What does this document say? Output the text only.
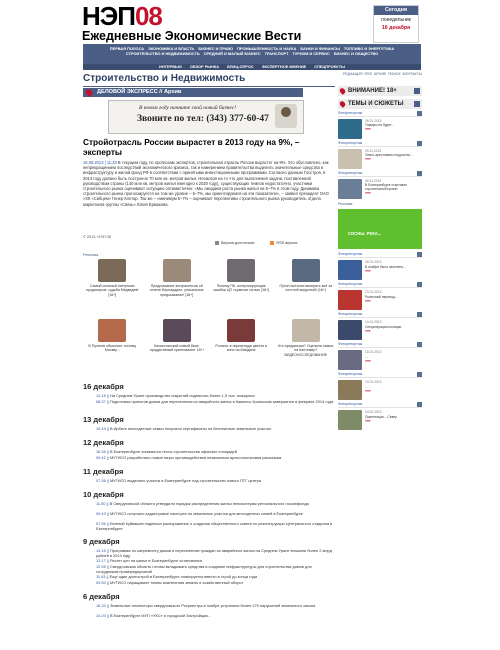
НЭП08
Ежедневные Экономические Вести
Сегодня
понедельник
16 декабря
ПЕРВАЯ ПОЛОСА ЭКОНОМИКА И ВЛАСТЬ БИЗНЕС И ПРАВО ПРОМЫШЛЕННОСТЬ И НАУКА БАНКИ И ФИНАНСЫ ТОПЛИВО И ЭНЕРГЕТИКА
СТРОИТЕЛЬСТВО И НЕДВИЖИМОСТЬ СРЕДНИЙ И МАЛЫЙ БИЗНЕС ТРАНСПОРТ ТУРИЗМ И СЕРВИС БИЗНЕС И ОБЩЕСТВО
ИНТЕРВЬЮ ОБЗОР РЫНКА БЛИЦ-ОПРОС ЭКСПЕРТНОЕ МНЕНИЕ СПЕЦПРОЕКТЫ
РЕДАКЦИЯ RSS АРХИВ ПОИСК КОНТАКТЫ
Строительство и Недвижимость
ДЕЛОВОЙ ЭКСПРЕСС // Архив
В новом году начните свой новый бизнес!
Звоните по тел: (343) 377-60-47
Стройотрасль России вырастет в 2013 году на 9%, – эксперты
16.08.2013 | 11:33 В текущем году, по прогнозам экспертов, строительная отрасль России вырастет на 9%. Это обусловлено, как непрекращением последствий экономического кризиса, так и намерением правительства выделить значительные средства в инфраструктуру и жилой фонд РФ в соответствии с принятыми инвестиционными программами. Согласно данным Госстроя, в 2013 году должно быть построено 70 млн кв. метров жилья. Несмотря на то что для выполнения задачи, поставленной руководством страны (140 млн кв. метров жилья ежегодно к 2020 году), существующих темпов недостаточно, участники строительного рынка оценивают ситуацию оптимистично: «Мы ожидаем роста рынка жилья на 5–7% в этом году. Динамика строительного рынка прогнозируется на том же уровне – 5–7%, мы ориентируемся на эти показатели», – заявил президент ОАО «ХК «Сибцем» Генер Клетар. Так же – «минимум 5–7% – оценивает перспективы строительного рынка руководитель отдела маркетинга группы «Связь» Юлия Ермакова.
© 2013, НЭП 08
Версия для печати	RSS версия
Реклама
Самый сильный питерских продюсеров: судьба Медведев! [18+]
Предсказание экстрасенсов об отзеле Бернардино: уникальное предсказание! [18+]
Почему ПК, контролирующие ошибки ЦП тормозит на вас [18+]
Путин пытался выиграть всё за честной вирусный! (16+)
В Пугачев объяснил: почему Москву...
Казахстанский новый банк: продуктивный криптовалют 18+!
Ролана: в пирпаганда цвести в кино на Майдане
Кто предсказал? Оценили самых на Кантемир? ВИДЕОИССЛЕДОВАНИЕ
16 декабря
12.18 || На Среднем Урале производство покрытий поднялось более 1,5 тыс. пожарных
08.37 || Подготовка проектов домов для переселения из аварийного жилья в Каменск-Уральском завершится в феврале 2014 года
13 декабря
15.43 || В Ирбите многодетные семьи получили сертификаты на бесплатные земельные участки
12 декабря
16.36 || В Екатеринбурге снимаются тесты строительства офисных площадей
09.42 || МУГИСО разработало новые меры противодействия незаконным археологическим раскопкам
11 декабря
07.36 || МУГИСО выделило участок в Екатеринбурге под строительство нового ПТГ центра
10 декабря
11.50 || В Свердловской области утвердили порядок распределения жилья пенсионерам регионального госкапфонда
09.43 || МУГИСО получило кадастровые паспорта на земельные участки для многодетных семей в Екатеринбурге
07.56 || Евгений Куйвашев подписал распоряжение о создании общественного совета по реконструкции Центрального стадиона в Екатеринбурге
9 декабря
14.15 || Программы по капремонту домов и переселению граждан из аварийного жилья на Среднем Урале вложили более 2 млрд рублей в 2013 году
13.17 || Растет цен на жилье в Екатеринбурге остановился
12.55 || Свердловская область готовы вкладывать средства в создание инфраструктуры для строительства домов для сотрудников промпредприятий
11.43 || Еще один долгострой в Екатеринбурге планируется ввести в строй до конца года
09.50 || МУГИСО наращивает темпы вовлечения земель в хозяйственный оборот
6 декабря
16.20 || Земельные инспекторы свердловского Росреестра в ноябре устранили более 270 нарушений земельного закона
14.20 || В Екатеринбурге МУП «УКС» и городской Застройщик...
ВНИМАНИЕ! 18+
ТЕМЫ И СЮЖЕТЫ
Фоторепортаж
26.01.2013
Тарифы на будет...
»»»
Фоторепортаж
05.11.2013
Опять арестованы подростки...
»»»
Фоторепортаж
06.11.2013
В Екатеринбурге стартовал строительный проект
»»»
Реклама
СОСНЫ. РЕКА...
Фоторепортаж
28.01.2013
В ноябре было заселено...
»»»
Фоторепортаж
23.01.2013
Рыночный перевод...
»»»
Фоторепортаж
10.01.2013
Спецоперация полиции
»»»
Фоторепортаж
10.01.2013
...
»»»
Фоторепортаж
10.01.2013
...
»»»
Фоторепортаж
04.02.2013
Ориентация – Север
»»»
